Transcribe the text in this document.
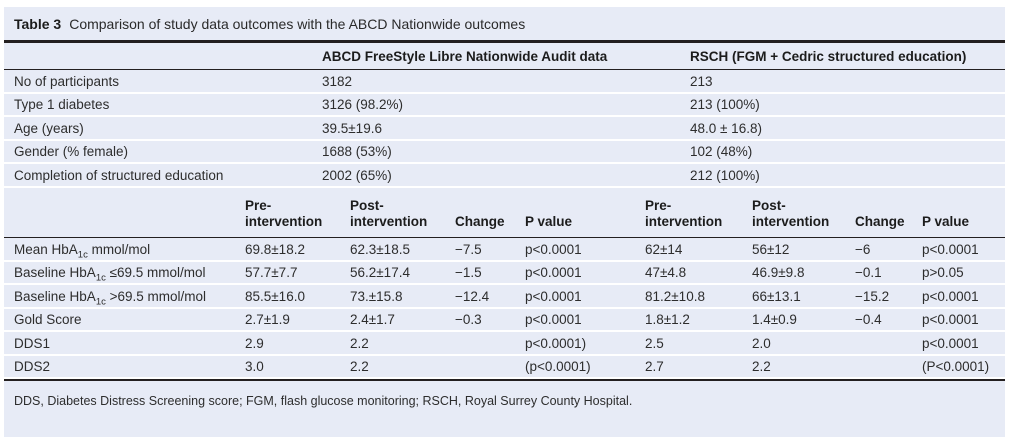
Table 3 Comparison of study data outcomes with the ABCD Nationwide outcomes
	ABCD FreeStyle Libre Nationwide Audit data	RSCH (FGM + Cedric structured education)
No of participants	3182	213
Type 1 diabetes	3126 (98.2%)	213 (100%)
Age (years)	39.5±19.6	48.0 ± 16.8)
Gender (% female)	1688 (53%)	102 (48%)
Completion of structured education	2002 (65%)	212 (100%)
	Pre-intervention	Post-intervention	Change	P value	Pre-intervention	Post-intervention	Change	P value
Mean HbA$_{1c}$ mmol/mol	69.8±18.2	62.3±18.5	−7.5	p<0.0001	62±14	56±12	−6	p<0.0001
Baseline HbA$_{1c}$ ≤69.5 mmol/mol	57.7±7.7	56.2±17.4	−1.5	p<0.0001	47±4.8	46.9±9.8	−0.1	p>0.05
Baseline HbA$_{1c}$ >69.5 mmol/mol	85.5±16.0	73.±15.8	−12.4	p<0.0001	81.2±10.8	66±13.1	−15.2	p<0.0001
Gold Score	2.7±1.9	2.4±1.7	−0.3	p<0.0001	1.8±1.2	1.4±0.9	−0.4	p<0.0001
DDS1	2.9	2.2		p<0.0001)	2.5	2.0		p<0.0001
DDS2	3.0	2.2		(p<0.0001)	2.7	2.2		(P<0.0001)
DDS, Diabetes Distress Screening score; FGM, flash glucose monitoring; RSCH, Royal Surrey County Hospital.
